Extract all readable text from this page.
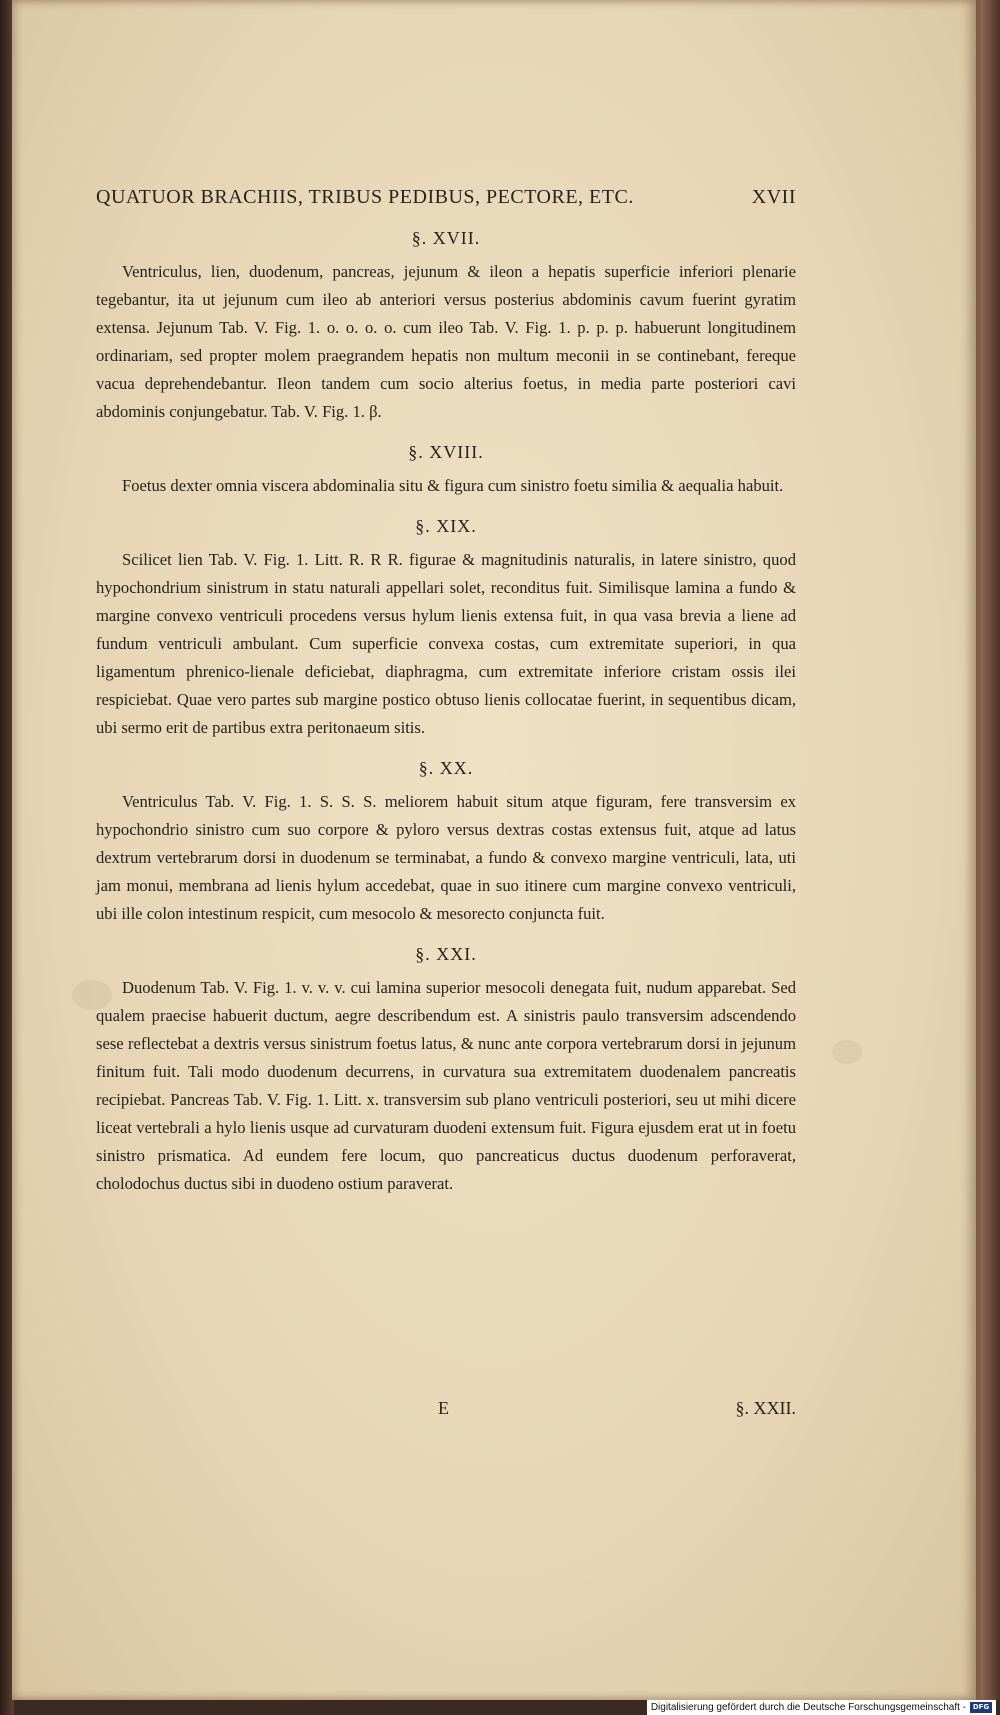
QUATUOR BRACHIIS, TRIBUS PEDIBUS, PECTORE, ETC.	XVII
§. XVII.

Ventriculus, lien, duodenum, pancreas, jejunum & ileon a hepatis superficie inferiori plenarie tegebantur, ita ut jejunum cum ileo ab anteriori versus posterius abdominis cavum fuerint gyratim extensa. Jejunum Tab. V. Fig. 1. o. o. o. o. cum ileo Tab. V. Fig. 1. p. p. p. habuerunt longitudinem ordinariam, sed propter molem praegrandem hepatis non multum meconii in se continebant, fereque vacua deprehendebantur. Ileon tandem cum socio alterius foetus, in media parte posteriori cavi abdominis conjungebatur. Tab. V. Fig. 1. β.

§. XVIII.

Foetus dexter omnia viscera abdominalia situ & figura cum sinistro foetu similia & aequalia habuit.

§. XIX.

Scilicet lien Tab. V. Fig. 1. Litt. R. R R. figurae & magnitudinis naturalis, in latere sinistro, quod hypochondrium sinistrum in statu naturali appellari solet, reconditus fuit. Similisque lamina a fundo & margine convexo ventriculi procedens versus hylum lienis extensa fuit, in qua vasa brevia a liene ad fundum ventriculi ambulant. Cum superficie convexa costas, cum extremitate superiori, in qua ligamentum phrenico-lienale deficiebat, diaphragma, cum extremitate inferiore cristam ossis ilei respiciebat. Quae vero partes sub margine postico obtuso lienis collocatae fuerint, in sequentibus dicam, ubi sermo erit de partibus extra peritonaeum sitis.

§. XX.

Ventriculus Tab. V. Fig. 1. S. S. S. meliorem habuit situm atque figuram, fere transversim ex hypochondrio sinistro cum suo corpore & pyloro versus dextras costas extensus fuit, atque ad latus dextrum vertebrarum dorsi in duodenum se terminabat, a fundo & convexo margine ventriculi, lata, uti jam monui, membrana ad lienis hylum accedebat, quae in suo itinere cum margine convexo ventriculi, ubi ille colon intestinum respicit, cum mesocolo & mesorecto conjuncta fuit.

§. XXI.

Duodenum Tab. V. Fig. 1. v. v. v. cui lamina superior mesocoli denegata fuit, nudum apparebat. Sed qualem praecise habuerit ductum, aegre describendum est. A sinistris paulo transversim adscendendo sese reflectebat a dextris versus sinistrum foetus latus, & nunc ante corpora vertebrarum dorsi in jejunum finitum fuit. Tali modo duodenum decurrens, in curvatura sua extremitatem duodenalem pancreatis recipiebat. Pancreas Tab. V. Fig. 1. Litt. x. transversim sub plano ventriculi posteriori, seu ut mihi dicere liceat vertebrali a hylo lienis usque ad curvaturam duodeni extensum fuit. Figura ejusdem erat ut in foetu sinistro prismatica. Ad eundem fere locum, quo pancreaticus ductus duodenum perforaverat, cholodochus ductus sibi in duodeno ostium paraverat.

E	§. XXII.
Digitalisierung gefördert durch die Deutsche Forschungsgemeinschaft - DFG
